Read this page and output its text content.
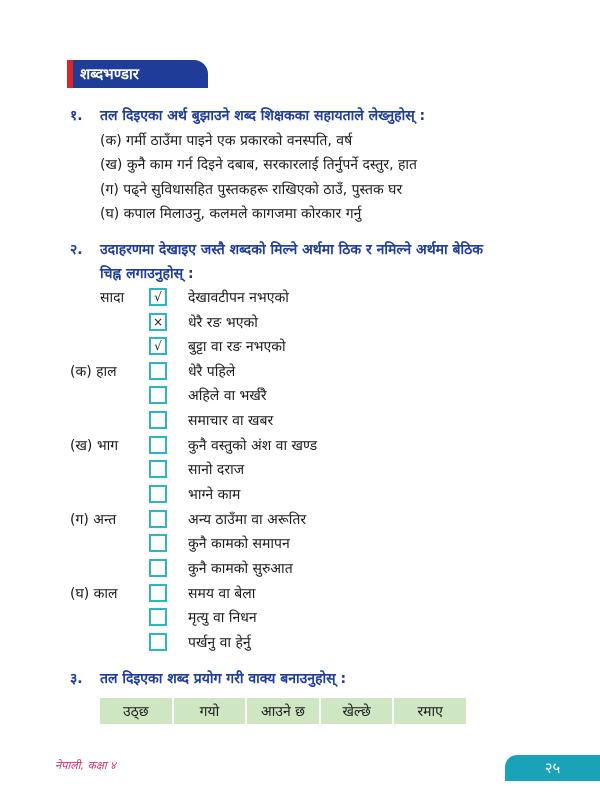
शब्दभण्डार
१. तल दिइएका अर्थ बुझाउने शब्द शिक्षकका सहायताले लेख्नुहोस् :
(क) गर्मी ठाउँमा पाइने एक प्रकारको वनस्पति, वर्ष
(ख) कुनै काम गर्न दिइने दबाब, सरकारलाई तिर्नुपर्ने दस्तुर, हात
(ग) पढ्ने सुविधासहित पुस्तकहरू राखिएको ठाउँ, पुस्तक घर
(घ) कपाल मिलाउनु, कलमले कागजमा कोरकार गर्नु
२. उदाहरणमा देखाइए जस्तै शब्दको मिल्ने अर्थमा ठिक र नमिल्ने अर्थमा बेठिक
चिह्न लगाउनुहोस् :
सादा	√ देखावटीपन नभएको
× धेरै रङ भएको
√ बुट्टा वा रङ नभएको
(क) हाल	धेरै पहिले
अहिले वा भर्खरै
समाचार वा खबर
(ख) भाग	कुनै वस्तुको अंश वा खण्ड
सानो दराज
भाग्ने काम
(ग) अन्त	अन्य ठाउँमा वा अरूतिर
कुनै कामको समापन
कुनै कामको सुरुआत
(घ) काल	समय वा बेला
मृत्यु वा निधन
पर्खनु वा हेर्नु
३. तल दिइएका शब्द प्रयोग गरी वाक्य बनाउनुहोस् :
उठ्छ	गयो	आउने छ	खेल्छे	रमाए
नेपाली, कक्षा ४	२५
